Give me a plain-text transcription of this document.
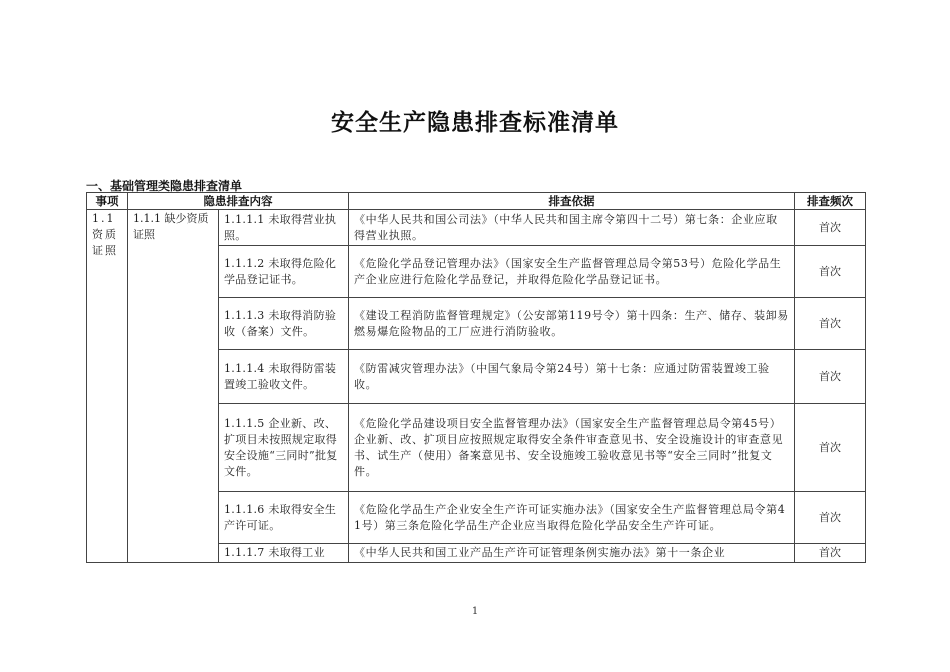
安全生产隐患排查标准清单
一、基础管理类隐患排查清单
事项	隐患排查内容		排查依据	排查频次
1.1 资质证照	1.1.1 缺少资质证照	1.1.1.1 未取得营业执照。	《中华人民共和国公司法》（中华人民共和国主席令第四十二号）第七条：企业应取得营业执照。	首次
		1.1.1.2 未取得危险化学品登记证书。	《危险化学品登记管理办法》（国家安全生产监督管理总局令第53号）危险化学品生产企业应进行危险化学品登记，并取得危险化学品登记证书。	首次
		1.1.1.3 未取得消防验收（备案）文件。	《建设工程消防监督管理规定》（公安部第119号令）第十四条：生产、储存、装卸易燃易爆危险物品的工厂应进行消防验收。	首次
		1.1.1.4 未取得防雷装置竣工验收文件。	《防雷减灾管理办法》（中国气象局令第24号）第十七条：应通过防雷装置竣工验收。	首次
		1.1.1.5 企业新、改、扩项目未按照规定取得安全设施“三同时”批复文件。	《危险化学品建设项目安全监督管理办法》（国家安全生产监督管理总局令第45号）企业新、改、扩项目应按照规定取得安全条件审查意见书、安全设施设计的审查意见书、试生产（使用）备案意见书、安全设施竣工验收意见书等“安全三同时”批复文件。	首次
		1.1.1.6 未取得安全生产许可证。	《危险化学品生产企业安全生产许可证实施办法》（国家安全生产监督管理总局令第41号）第三条危险化学品生产企业应当取得危险化学品安全生产许可证。	首次
		1.1.1.7 未取得工业	《中华人民共和国工业产品生产许可证管理条例实施办法》第十一条企业	首次
1
